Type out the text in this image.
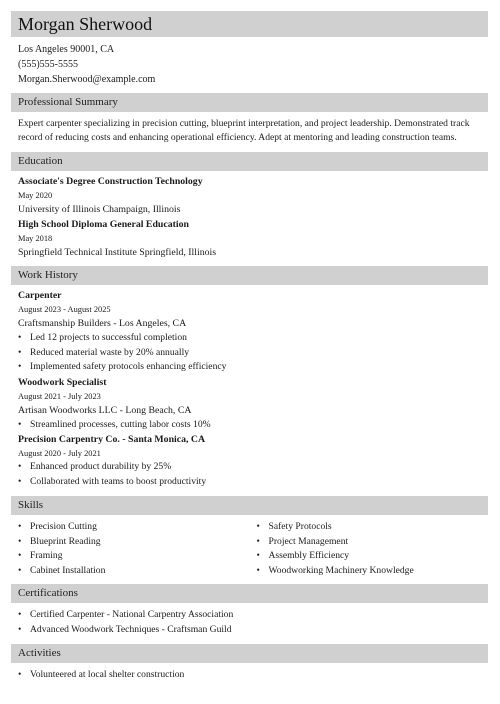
Morgan Sherwood
Los Angeles 90001, CA
(555)555-5555
Morgan.Sherwood@example.com
Professional Summary
Expert carpenter specializing in precision cutting, blueprint interpretation, and project leadership. Demonstrated track record of reducing costs and enhancing operational efficiency. Adept at mentoring and leading construction teams.
Education
Associate's Degree Construction Technology
May 2020
University of Illinois Champaign, Illinois
High School Diploma General Education
May 2018
Springfield Technical Institute Springfield, Illinois
Work History
Carpenter
August 2023 - August 2025
Craftsmanship Builders - Los Angeles, CA
• Led 12 projects to successful completion
• Reduced material waste by 20% annually
• Implemented safety protocols enhancing efficiency
Woodwork Specialist
August 2021 - July 2023
Artisan Woodworks LLC - Long Beach, CA
• Streamlined processes, cutting labor costs 10%
Precision Carpentry Co. - Santa Monica, CA
August 2020 - July 2021
• Enhanced product durability by 25%
• Collaborated with teams to boost productivity
Skills
• Precision Cutting
• Blueprint Reading
• Framing
• Cabinet Installation
• Safety Protocols
• Project Management
• Assembly Efficiency
• Woodworking Machinery Knowledge
Certifications
• Certified Carpenter - National Carpentry Association
• Advanced Woodwork Techniques - Craftsman Guild
Activities
• Volunteered at local shelter construction
